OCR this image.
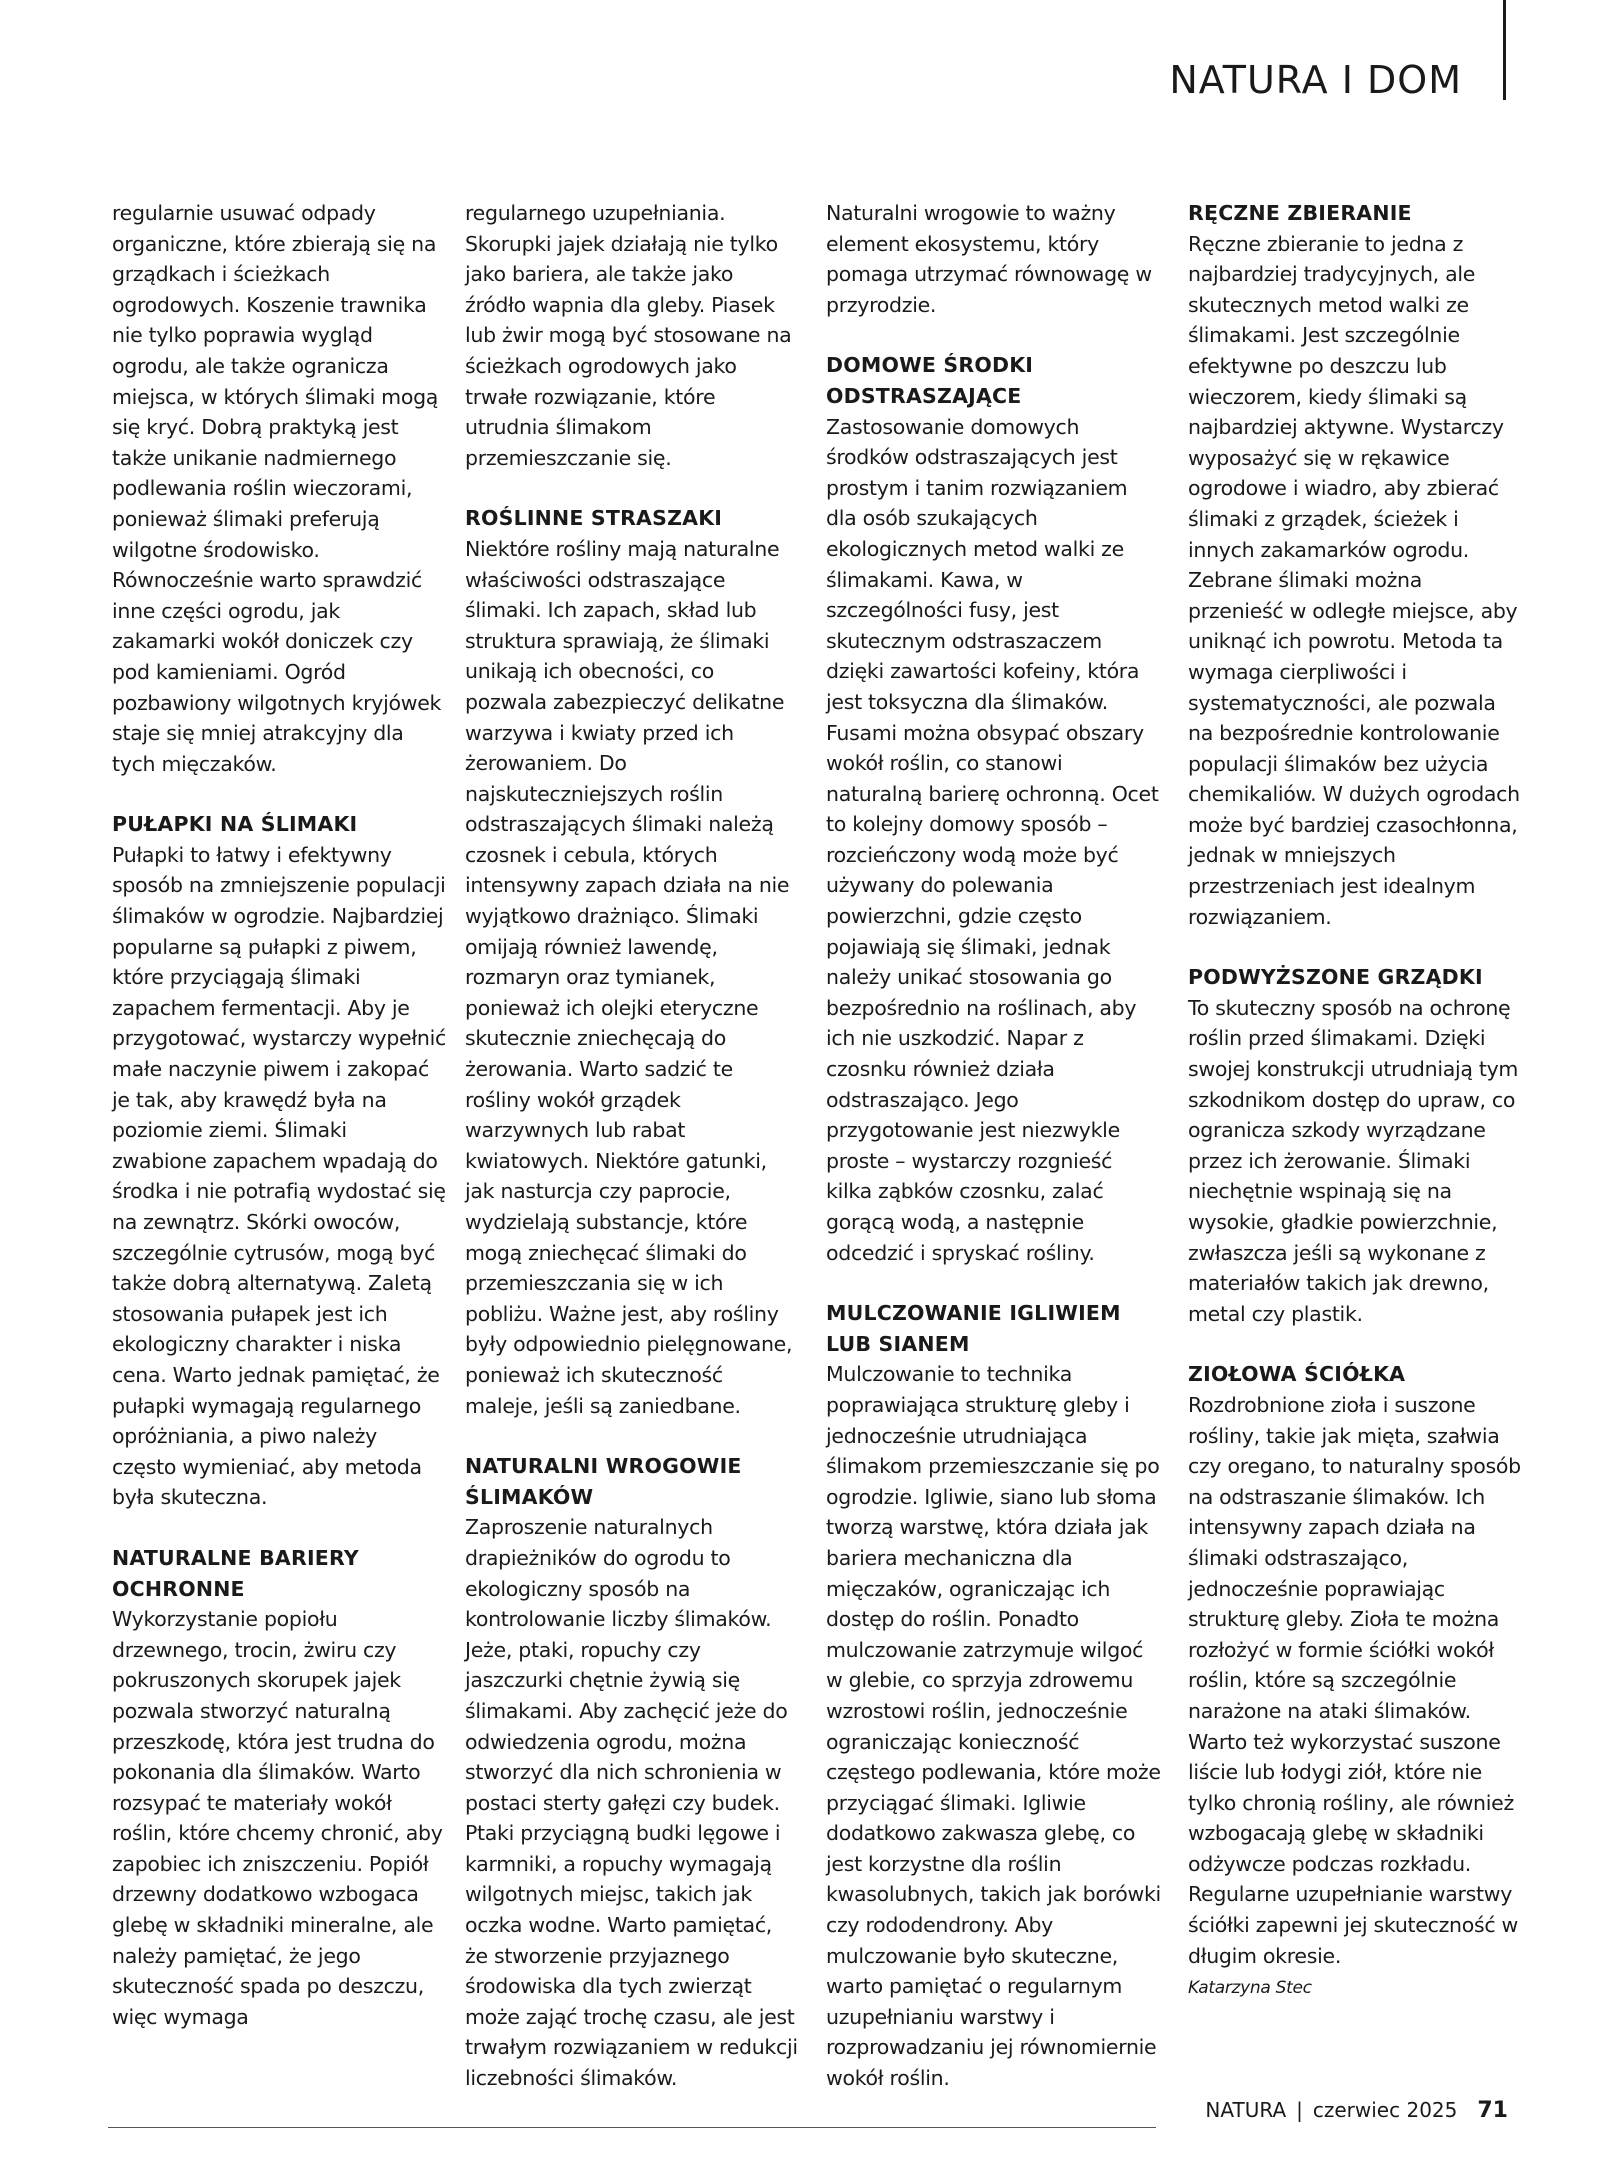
NATURA I DOM

regularnie usuwać odpady organiczne, które zbierają się na grządkach i ścieżkach ogrodowych. Koszenie trawnika nie tylko poprawia wygląd ogrodu, ale także ogranicza miejsca, w których ślimaki mogą się kryć. Dobrą praktyką jest także unikanie nadmiernego podlewania roślin wieczorami, ponieważ ślimaki preferują wilgotne środowisko. Równocześnie warto sprawdzić inne części ogrodu, jak zakamarki wokół doniczek czy pod kamieniami. Ogród pozbawiony wilgotnych kryjówek staje się mniej atrakcyjny dla tych mięczaków.

PUŁAPKI NA ŚLIMAKI

Pułapki to łatwy i efektywny sposób na zmniejszenie populacji ślimaków w ogrodzie. Najbardziej popularne są pułapki z piwem, które przyciągają ślimaki zapachem fermentacji. Aby je przygotować, wystarczy wypełnić małe naczynie piwem i zakopać je tak, aby krawędź była na poziomie ziemi. Ślimaki zwabione zapachem wpadają do środka i nie potrafią wydostać się na zewnątrz. Skórki owoców, szczególnie cytrusów, mogą być także dobrą alternatywą. Zaletą stosowania pułapek jest ich ekologiczny charakter i niska cena. Warto jednak pamiętać, że pułapki wymagają regularnego opróżniania, a piwo należy często wymieniać, aby metoda była skuteczna.

NATURALNE BARIERY OCHRONNE

Wykorzystanie popiołu drzewnego, trocin, żwiru czy pokruszonych skorupek jajek pozwala stworzyć naturalną przeszkodę, która jest trudna do pokonania dla ślimaków. Warto rozsypać te materiały wokół roślin, które chcemy chronić, aby zapobiec ich zniszczeniu. Popiół drzewny dodatkowo wzbogaca glebę w składniki mineralne, ale należy pamiętać, że jego skuteczność spada po deszczu, więc wymaga

regularnego uzupełniania. Skorupki jajek działają nie tylko jako bariera, ale także jako źródło wapnia dla gleby. Piasek lub żwir mogą być stosowane na ścieżkach ogrodowych jako trwałe rozwiązanie, które utrudnia ślimakom przemieszczanie się.

ROŚLINNE STRASZAKI

Niektóre rośliny mają naturalne właściwości odstraszające ślimaki. Ich zapach, skład lub struktura sprawiają, że ślimaki unikają ich obecności, co pozwala zabezpieczyć delikatne warzywa i kwiaty przed ich żerowaniem. Do najskuteczniejszych roślin odstraszających ślimaki należą czosnek i cebula, których intensywny zapach działa na nie wyjątkowo drażniąco. Ślimaki omijają również lawendę, rozmaryn oraz tymianek, ponieważ ich olejki eteryczne skutecznie zniechęcają do żerowania. Warto sadzić te rośliny wokół grządek warzywnych lub rabat kwiatowych. Niektóre gatunki, jak nasturcja czy paprocie, wydzielają substancje, które mogą zniechęcać ślimaki do przemieszczania się w ich pobliżu. Ważne jest, aby rośliny były odpowiednio pielęgnowane, ponieważ ich skuteczność maleje, jeśli są zaniedbane.

NATURALNI WROGOWIE ŚLIMAKÓW

Zaproszenie naturalnych drapieżników do ogrodu to ekologiczny sposób na kontrolowanie liczby ślimaków. Jeże, ptaki, ropuchy czy jaszczurki chętnie żywią się ślimakami. Aby zachęcić jeże do odwiedzenia ogrodu, można stworzyć dla nich schronienia w postaci sterty gałęzi czy budek. Ptaki przyciągną budki lęgowe i karmniki, a ropuchy wymagają wilgotnych miejsc, takich jak oczka wodne. Warto pamiętać, że stworzenie przyjaznego środowiska dla tych zwierząt może zająć trochę czasu, ale jest trwałym rozwiązaniem w redukcji liczebności ślimaków.

Naturalni wrogowie to ważny element ekosystemu, który pomaga utrzymać równowagę w przyrodzie.

DOMOWE ŚRODKI ODSTRASZAJĄCE

Zastosowanie domowych środków odstraszających jest prostym i tanim rozwiązaniem dla osób szukających ekologicznych metod walki ze ślimakami. Kawa, w szczególności fusy, jest skutecznym odstraszaczem dzięki zawartości kofeiny, która jest toksyczna dla ślimaków. Fusami można obsypać obszary wokół roślin, co stanowi naturalną barierę ochronną. Ocet to kolejny domowy sposób – rozcieńczony wodą może być używany do polewania powierzchni, gdzie często pojawiają się ślimaki, jednak należy unikać stosowania go bezpośrednio na roślinach, aby ich nie uszkodzić. Napar z czosnku również działa odstraszająco. Jego przygotowanie jest niezwykle proste – wystarczy rozgnieść kilka ząbków czosnku, zalać gorącą wodą, a następnie odcedzić i spryskać rośliny.

MULCZOWANIE IGLIWIEM LUB SIANEM

Mulczowanie to technika poprawiająca strukturę gleby i jednocześnie utrudniająca ślimakom przemieszczanie się po ogrodzie. Igliwie, siano lub słoma tworzą warstwę, która działa jak bariera mechaniczna dla mięczaków, ograniczając ich dostęp do roślin. Ponadto mulczowanie zatrzymuje wilgoć w glebie, co sprzyja zdrowemu wzrostowi roślin, jednocześnie ograniczając konieczność częstego podlewania, które może przyciągać ślimaki. Igliwie dodatkowo zakwasza glebę, co jest korzystne dla roślin kwasolubnych, takich jak borówki czy rododendrony. Aby mulczowanie było skuteczne, warto pamiętać o regularnym uzupełnianiu warstwy i rozprowadzaniu jej równomiernie wokół roślin.

RĘCZNE ZBIERANIE

Ręczne zbieranie to jedna z najbardziej tradycyjnych, ale skutecznych metod walki ze ślimakami. Jest szczególnie efektywne po deszczu lub wieczorem, kiedy ślimaki są najbardziej aktywne. Wystarczy wyposażyć się w rękawice ogrodowe i wiadro, aby zbierać ślimaki z grządek, ścieżek i innych zakamarków ogrodu. Zebrane ślimaki można przenieść w odległe miejsce, aby uniknąć ich powrotu. Metoda ta wymaga cierpliwości i systematyczności, ale pozwala na bezpośrednie kontrolowanie populacji ślimaków bez użycia chemikaliów. W dużych ogrodach może być bardziej czasochłonna, jednak w mniejszych przestrzeniach jest idealnym rozwiązaniem.

PODWYŻSZONE GRZĄDKI

To skuteczny sposób na ochronę roślin przed ślimakami. Dzięki swojej konstrukcji utrudniają tym szkodnikom dostęp do upraw, co ogranicza szkody wyrządzane przez ich żerowanie. Ślimaki niechętnie wspinają się na wysokie, gładkie powierzchnie, zwłaszcza jeśli są wykonane z materiałów takich jak drewno, metal czy plastik.

ZIOŁOWA ŚCIÓŁKA

Rozdrobnione zioła i suszone rośliny, takie jak mięta, szałwia czy oregano, to naturalny sposób na odstraszanie ślimaków. Ich intensywny zapach działa na ślimaki odstraszająco, jednocześnie poprawiając strukturę gleby. Zioła te można rozłożyć w formie ściółki wokół roślin, które są szczególnie narażone na ataki ślimaków. Warto też wykorzystać suszone liście lub łodygi ziół, które nie tylko chronią rośliny, ale również wzbogacają glebę w składniki odżywcze podczas rozkładu. Regularne uzupełnianie warstwy ściółki zapewni jej skuteczność w długim okresie.

Katarzyna Stec

NATURA | czerwiec 2025 71
